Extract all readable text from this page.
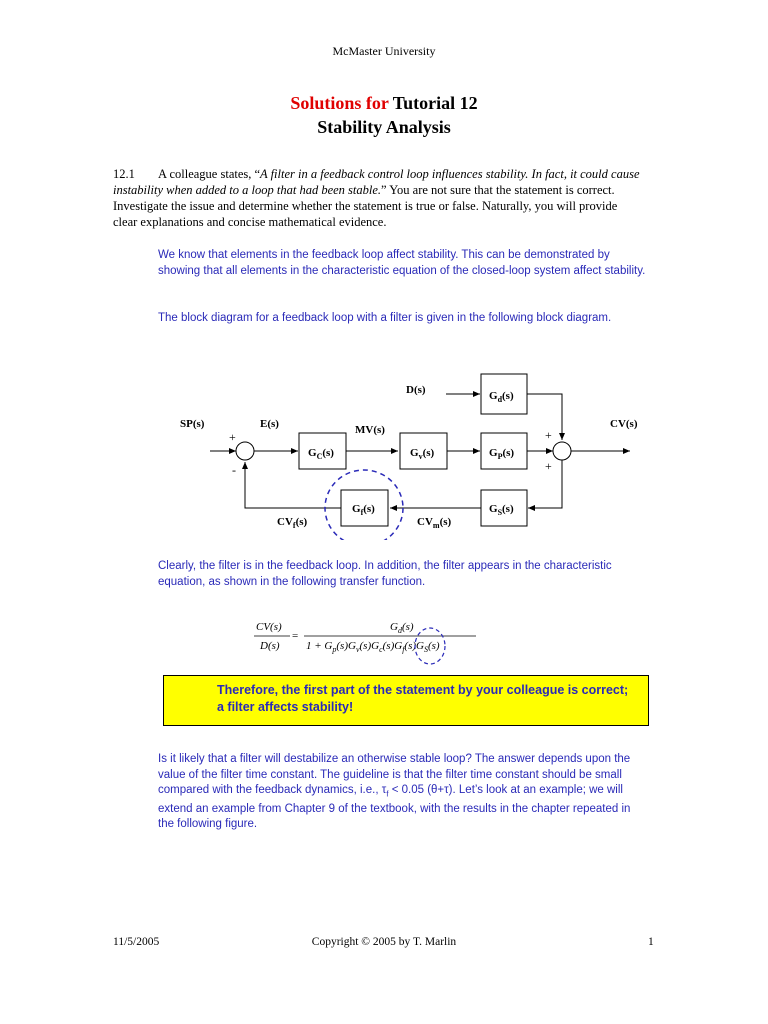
McMaster University
Solutions for Tutorial 12
Stability Analysis
12.1 A colleague states, “A filter in a feedback control loop influences stability. In fact, it could cause instability when added to a loop that had been stable.” You are not sure that the statement is correct. Investigate the issue and determine whether the statement is true or false. Naturally, you will provide clear explanations and concise mathematical evidence.
We know that elements in the feedback loop affect stability. This can be demonstrated by showing that all elements in the characteristic equation of the closed-loop system affect stability.
The block diagram for a feedback loop with a filter is given in the following block diagram.
SP(s)	E(s)	MV(s)
D(s)
CV(s)
$G_C(s)$	$G_v(s)$	$G_P(s)$
$G_d(s)$
$G_f(s)$	$G_S(s)$
$CV_f(s)$	$CV_m(s)$
+
-
+
+
Clearly, the filter is in the feedback loop. In addition, the filter appears in the characteristic equation, as shown in the following transfer function.
CV(s)
D(s)
=
$G_d(s)$
$1 + G_p(s)G_v(s)G_c(s)G_f(s)G_S(s)$
Therefore, the first part of the statement by your colleague is correct; a filter affects stability!
Is it likely that a filter will destabilize an otherwise stable loop? The answer depends upon the value of the filter time constant. The guideline is that the filter time constant should be small compared with the feedback dynamics, i.e., $\tau_f < 0.05$ (θ+τ). Let’s look at an example; we will extend an example from Chapter 9 of the textbook, with the results in the chapter repeated in the following figure.
11/5/2005	Copyright © 2005 by T. Marlin	1
